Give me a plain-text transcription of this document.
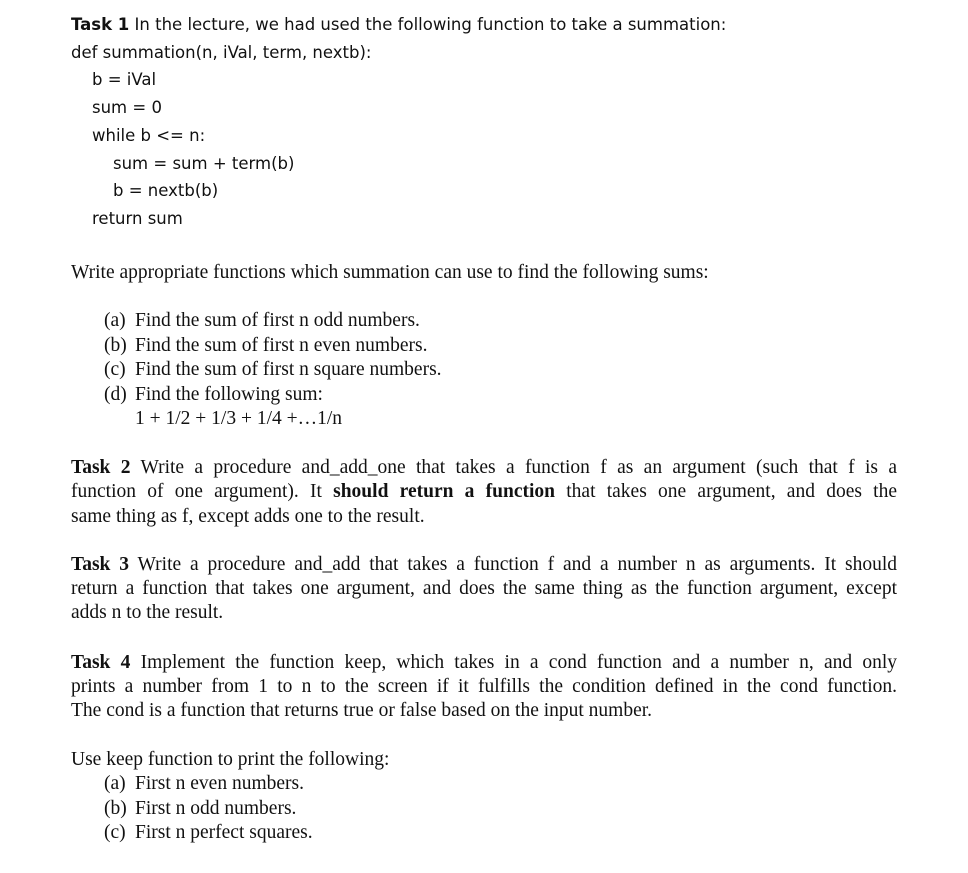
Task 1 In the lecture, we had used the following function to take a summation:
def summation(n, iVal, term, nextb):
b = iVal
sum = 0
while b <= n:
sum = sum + term(b)
b = nextb(b)
return sum
Write appropriate functions which summation can use to find the following sums:
(a) Find the sum of first n odd numbers.
(b) Find the sum of first n even numbers.
(c) Find the sum of first n square numbers.
(d) Find the following sum:
1 + 1/2 + 1/3 + 1/4 +…1/n
Task 2 Write a procedure and_add_one that takes a function f as an argument (such that f is a
function of one argument). It should return a function that takes one argument, and does the
same thing as f, except adds one to the result.
Task 3 Write a procedure and_add that takes a function f and a number n as arguments. It should
return a function that takes one argument, and does the same thing as the function argument, except
adds n to the result.
Task 4 Implement the function keep, which takes in a cond function and a number n, and only
prints a number from 1 to n to the screen if it fulfills the condition defined in the cond function.
The cond is a function that returns true or false based on the input number.
Use keep function to print the following:
(a) First n even numbers.
(b) First n odd numbers.
(c) First n perfect squares.
